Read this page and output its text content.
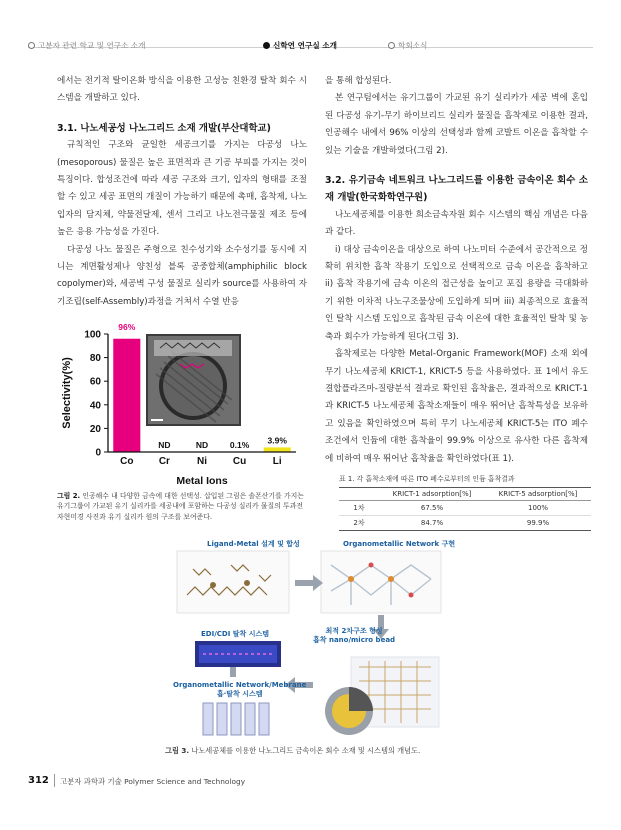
고분자 관련 학교 및 연구소 소개	신학연 연구실 소개	학회소식

에서는 전기적 탈이온화 방식을 이용한 고성능 친환경 탈착 회수 시스템을 개발하고 있다.

3.1. 나노세공성 나노그리드 소재 개발(부산대학교)

규칙적인 구조와 균일한 세공크기를 가지는 다공성 나노(mesoporous) 물질은 높은 표면적과 큰 기공 부피를 가지는 것이 특징이다. 합성조건에 따라 세공 구조와 크기, 입자의 형태를 조절할 수 있고 세공 표면의 개질이 가능하기 때문에 촉매, 흡착제, 나노입자의 담지체, 약물전달제, 센서 그리고 나노전극물질 제조 등에 높은 응용 가능성을 가진다.

다공성 나노 물질은 주형으로 친수성기와 소수성기를 동시에 지니는 계면활성제나 양친성 블록 공중합체(amphiphilic block copolymer)와, 세공벽 구성 물질로 실리카 source를 사용하여 자기조립(self-Assembly)과정을 거쳐서 수열 반응

을 통해 합성된다.

본 연구팀에서는 유기그룹이 가교된 유기 실리카가 세공 벽에 혼입된 다공성 유기-무기 하이브리드 실리카 물질을 흡착제로 이용한 결과, 인공해수 내에서 96% 이상의 선택성과 함께 코발트 이온을 흡착할 수 있는 기술을 개발하였다(그림 2).

3.2. 유기금속 네트워크 나노그리드를 이용한 금속이온 회수 소재 개발(한국화학연구원)

나노세공체를 이용한 희소금속자원 회수 시스템의 핵심 개념은 다음과 같다.

i) 대상 금속이온을 대상으로 하여 나노미터 수준에서 공간적으로 정확히 위치한 흡착 작용기 도입으로 선택적으로 금속 이온을 흡착하고 ii) 흡착 작용기에 금속 이온의 접근성을 높이고 포집 용량을 극대화하기 위한 이차적 나노구조물상에 도입하게 되며 iii) 최종적으로 효율적인 탈착 시스템 도입으로 흡착된 금속 이온에 대한 효율적인 탈착 및 농축과 회수가 가능하게 된다(그림 3).

흡착제로는 다양한 Metal-Organic Framework(MOF) 소재 외에 무기 나노세공체 KRICT-1, KRICT-5 등을 사용하였다. 표 1에서 유도결합플라즈마-질량분석 결과로 확인된 흡착율은, 결과적으로 KRICT-1과 KRICT-5 나노세공체 흡착소재들이 매우 뛰어난 흡착특성을 보유하고 있음을 확인하였으며 특히 무기 나노세공체 KRICT-5는 ITO 폐수 조건에서 인듐에 대한 흡착율이 99.9% 이상으로 유사한 다른 흡착제에 비하여 매우 뛰어난 흡착율을 확인하였다(표 1).

0
20
40
60
80
100
96%
Co
ND
Cr
ND
Ni
0.1%
Cu
3.9%
Li
Metal Ions
Selectivity(%)
그림 2. 인공해수 내 다양한 금속에 대한 선택성. 삽입된 그림은 솔폰산기를 가지는 유기그룹이 가교된 유기 실리카를 세공내에 포함하는 다공성 실리카 물질의 투과전자현미경 사진과 유기 실리카 원의 구조를 보여준다.
표 1. 각 흡착소재에 따른 ITO 폐수로부터의 인듐 흡착결과
	KRICT-1 adsorption[%]	KRICT-5 adsorption[%]
1차	67.5%	100%
2차	84.7%	99.9%
Ligand-Metal 설계 및 합성	Organometallic Network 구현
EDI/CDI 탈착 시스템	최적 2차구조 형성
흡착 nano/micro bead
Organometallic Network/Mebrane
흡·탈착 시스템
그림 3. 나노세공체를 이용한 나노그리드 금속이온 회수 소재 및 시스템의 개념도.
312 고분자 과학과 기술 Polymer Science and Technology
